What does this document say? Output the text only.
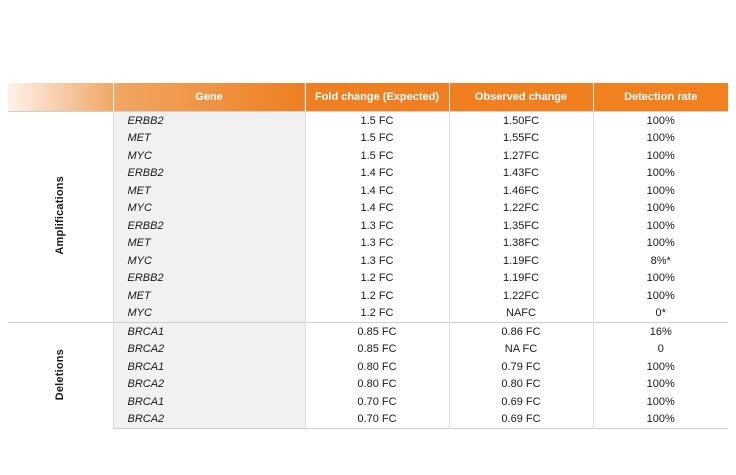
	Gene	Fold change (Expected)	Observed change	Detection rate
Amplifications	ERBB2	1.5 FC	1.50FC	100%
	MET	1.5 FC	1.55FC	100%
	MYC	1.5 FC	1.27FC	100%
	ERBB2	1.4 FC	1.43FC	100%
	MET	1.4 FC	1.46FC	100%
	MYC	1.4 FC	1.22FC	100%
	ERBB2	1.3 FC	1.35FC	100%
	MET	1.3 FC	1.38FC	100%
	MYC	1.3 FC	1.19FC	8%*
	ERBB2	1.2 FC	1.19FC	100%
	MET	1.2 FC	1.22FC	100%
	MYC	1.2 FC	NAFC	0*
Deletions	BRCA1	0.85 FC	0.86 FC	16%
	BRCA2	0.85 FC	NA FC	0
	BRCA1	0.80 FC	0.79 FC	100%
	BRCA2	0.80 FC	0.80 FC	100%
	BRCA1	0.70 FC	0.69 FC	100%
	BRCA2	0.70 FC	0.69 FC	100%
